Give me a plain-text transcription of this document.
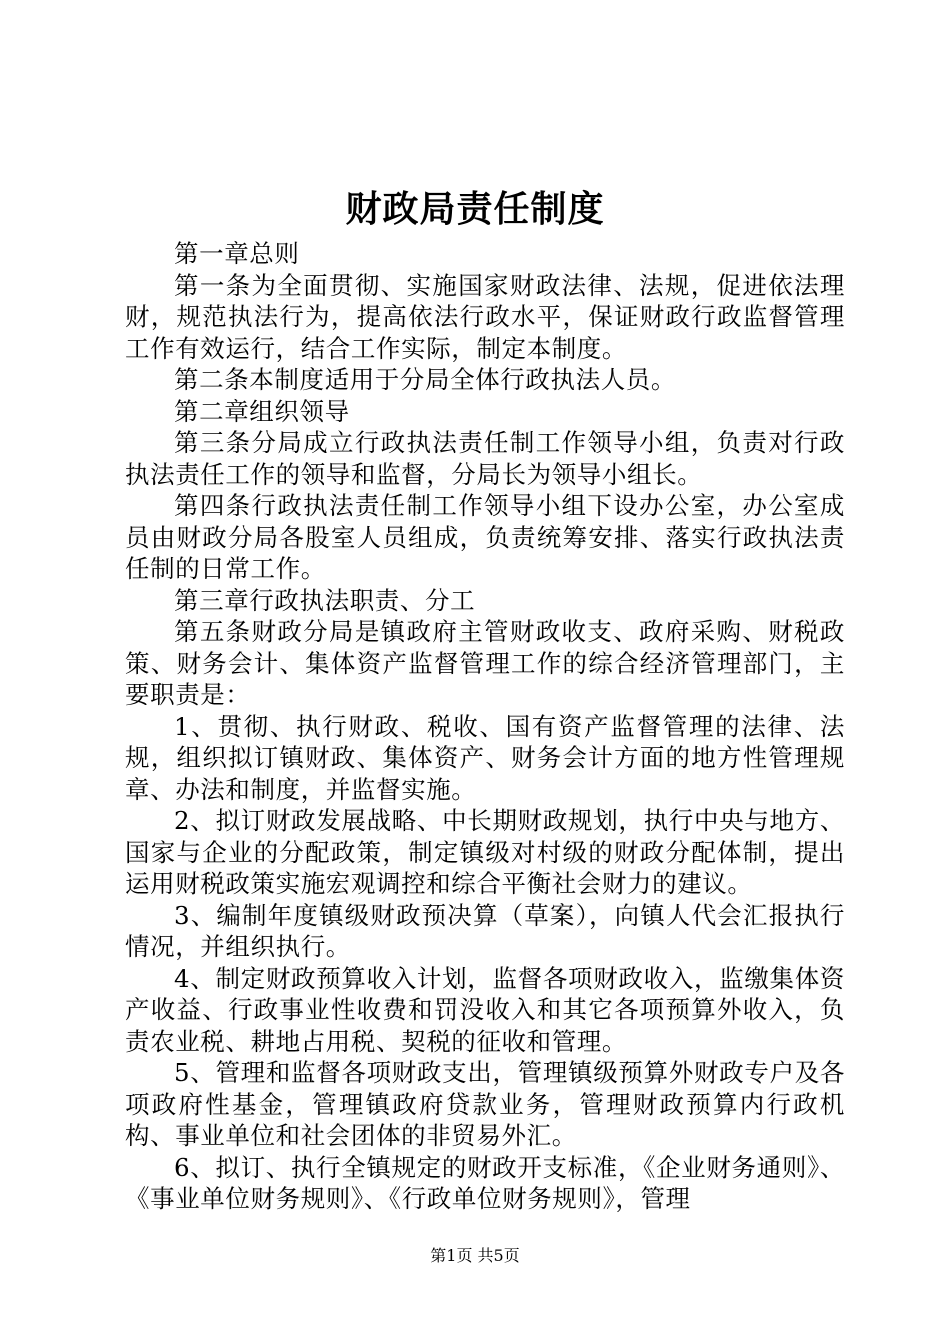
财政局责任制度

第一章总则

第一条为全面贯彻、实施国家财政法律、法规，促进依法理财，规范执法行为，提高依法行政水平，保证财政行政监督管理工作有效运行，结合工作实际，制定本制度。

第二条本制度适用于分局全体行政执法人员。

第二章组织领导

第三条分局成立行政执法责任制工作领导小组，负责对行政执法责任工作的领导和监督，分局长为领导小组长。

第四条行政执法责任制工作领导小组下设办公室，办公室成员由财政分局各股室人员组成，负责统筹安排、落实行政执法责任制的日常工作。

第三章行政执法职责、分工

第五条财政分局是镇政府主管财政收支、政府采购、财税政策、财务会计、集体资产监督管理工作的综合经济管理部门，主要职责是：

1、贯彻、执行财政、税收、国有资产监督管理的法律、法规，组织拟订镇财政、集体资产、财务会计方面的地方性管理规章、办法和制度，并监督实施。

2、拟订财政发展战略、中长期财政规划，执行中央与地方、国家与企业的分配政策，制定镇级对村级的财政分配体制，提出运用财税政策实施宏观调控和综合平衡社会财力的建议。

3、编制年度镇级财政预决算（草案），向镇人代会汇报执行情况，并组织执行。

4、制定财政预算收入计划，监督各项财政收入，监缴集体资产收益、行政事业性收费和罚没收入和其它各项预算外收入，负责农业税、耕地占用税、契税的征收和管理。

5、管理和监督各项财政支出，管理镇级预算外财政专户及各项政府性基金，管理镇政府贷款业务，管理财政预算内行政机构、事业单位和社会团体的非贸易外汇。

6、拟订、执行全镇规定的财政开支标准，《企业财务通则》、《事业单位财务规则》、《行政单位财务规则》，管理

第1页 共5页
